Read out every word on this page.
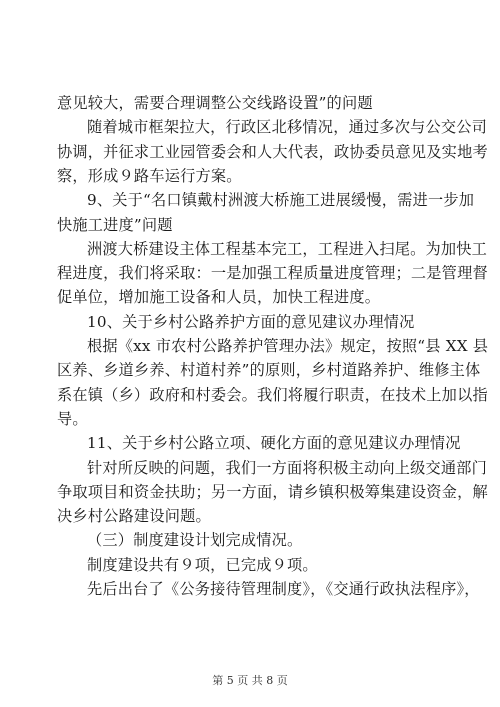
意见较大，需要合理调整公交线路设置”的问题
随着城市框架拉大，行政区北移情况，通过多次与公交公司
协调，并征求工业园管委会和人大代表，政协委员意见及实地考
察，形成９路车运行方案。
9、关于“名口镇戴村洲渡大桥施工进展缓慢，需进一步加
快施工进度”问题
洲渡大桥建设主体工程基本完工，工程进入扫尾。为加快工
程进度，我们将采取：一是加强工程质量进度管理；二是管理督
促单位，增加施工设备和人员，加快工程进度。
10、关于乡村公路养护方面的意见建议办理情况
根据《xx 市农村公路养护管理办法》规定，按照“县 XX 县
区养、乡道乡养、村道村养”的原则，乡村道路养护、维修主体
系在镇（乡）政府和村委会。我们将履行职责，在技术上加以指
导。
11、关于乡村公路立项、硬化方面的意见建议办理情况
针对所反映的问题，我们一方面将积极主动向上级交通部门
争取项目和资金扶助；另一方面，请乡镇积极筹集建设资金，解
决乡村公路建设问题。
（三）制度建设计划完成情况。
制度建设共有９项，已完成９项。
先后出台了《公务接待管理制度》，《交通行政执法程序》，
第 5 页 共 8 页
